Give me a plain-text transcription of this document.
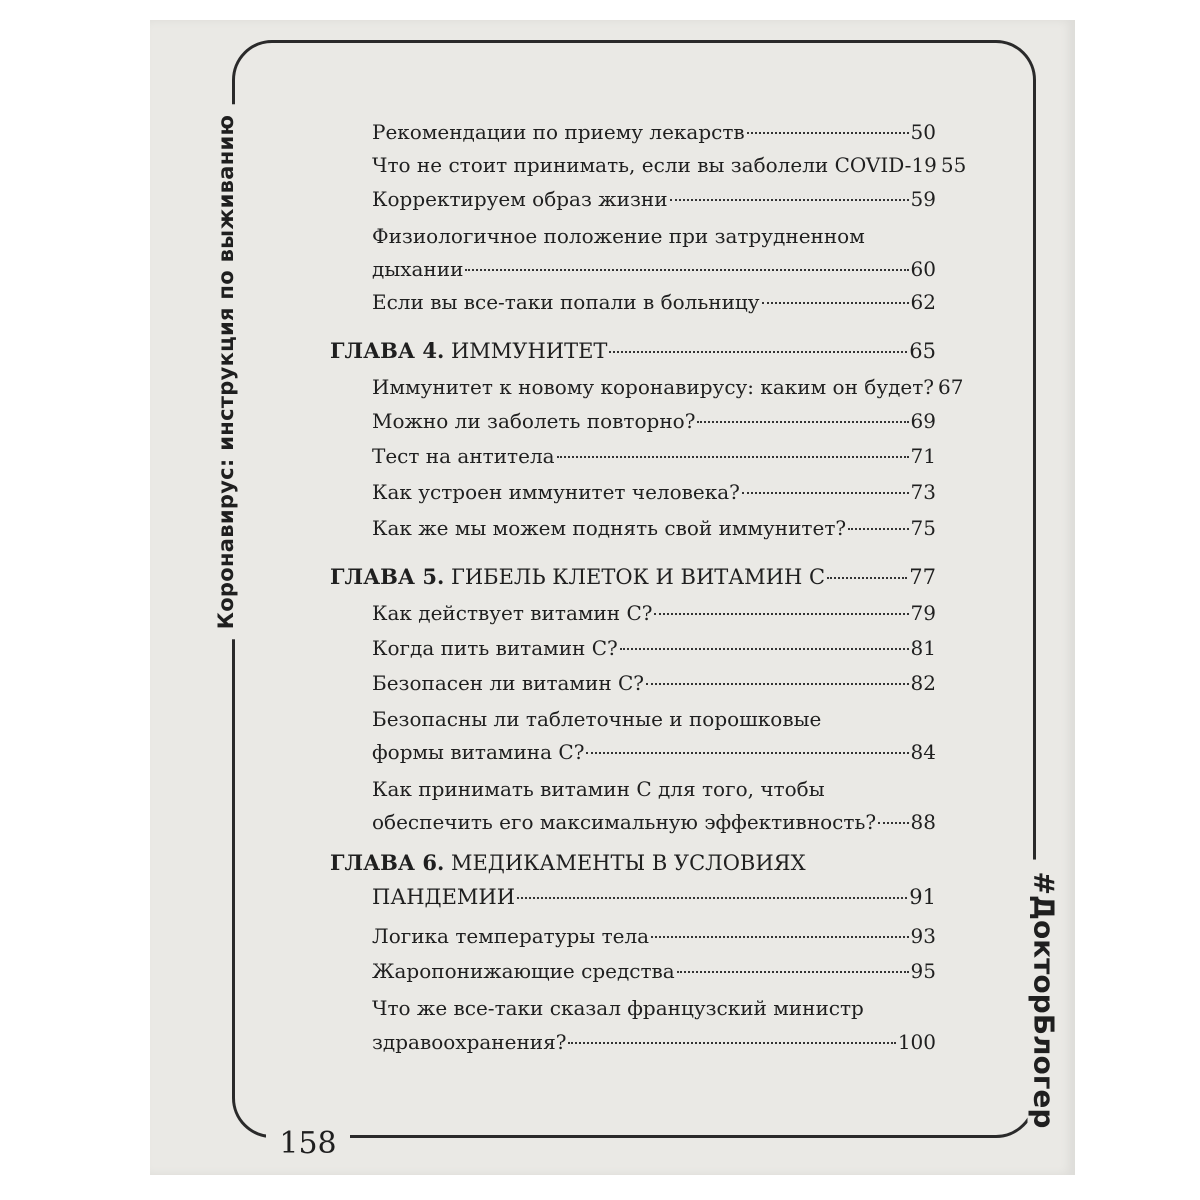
Коронавирус: инструкция по выживанию
#ДокторБлогер
158
Рекомендации по приему лекарств	50
Что не стоит принимать, если вы заболели COVID-19 55
Корректируем образ жизни	59
Физиологичное положение при затрудненном
дыхании	60
Если вы все-таки попали в больницу	62
ГЛАВА 4. ИММУНИТЕТ	65
Иммунитет к новому коронавирусу: каким он будет? 67
Можно ли заболеть повторно?	69
Тест на антитела	71
Как устроен иммунитет человека?	73
Как же мы можем поднять свой иммунитет?	75
ГЛАВА 5. ГИБЕЛЬ КЛЕТОК И ВИТАМИН С	77
Как действует витамин С?	79
Когда пить витамин С?	81
Безопасен ли витамин С?	82
Безопасны ли таблеточные и порошковые
формы витамина С?	84
Как принимать витамин С для того, чтобы
обеспечить его максимальную эффективность? 88
ГЛАВА 6. МЕДИКАМЕНТЫ В УСЛОВИЯХ
ПАНДЕМИИ	91
Логика температуры тела	93
Жаропонижающие средства	95
Что же все-таки сказал французский министр
здравоохранения?	100
